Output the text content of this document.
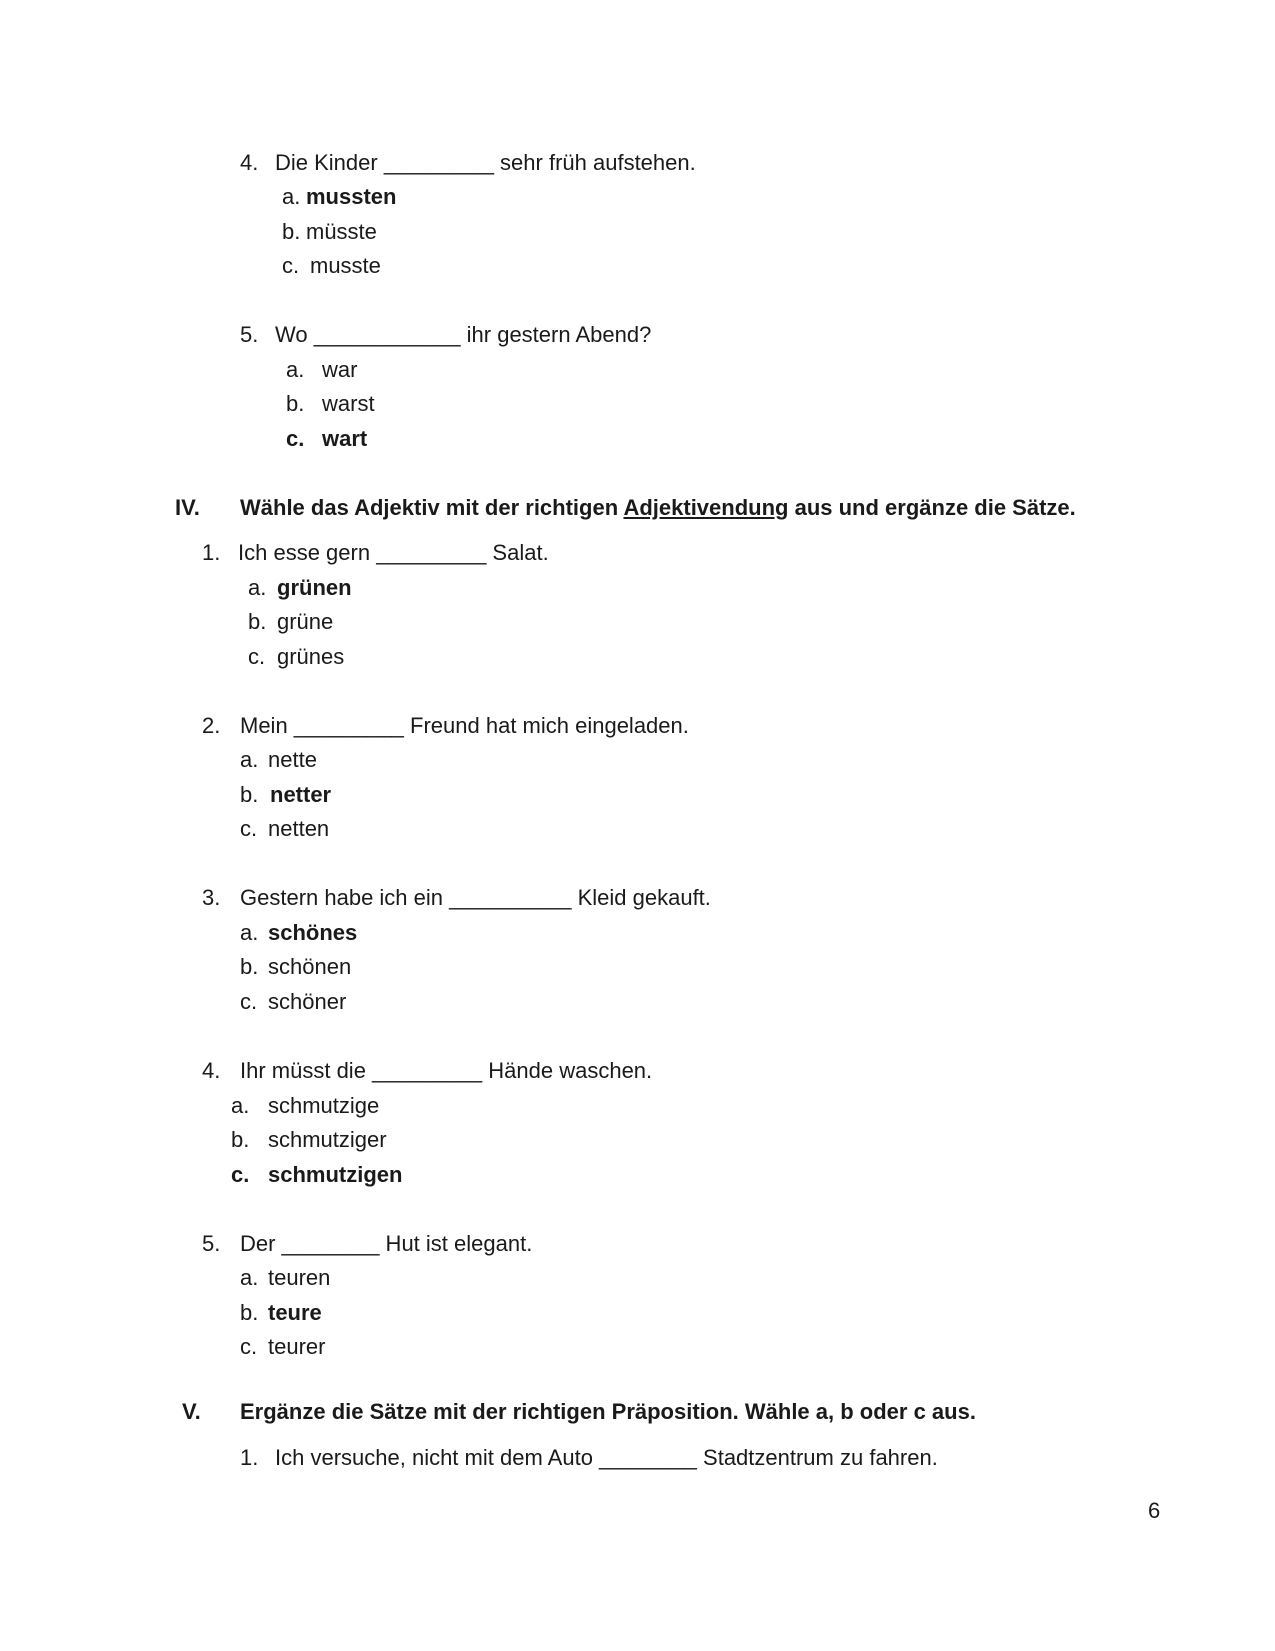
4. Die Kinder _________ sehr früh aufstehen.
a. mussten
b. müsste
c. musste
5. Wo ____________ ihr gestern Abend?
a. war
b. warst
c. wart
IV. Wähle das Adjektiv mit der richtigen Adjektivendung aus und ergänze die Sätze.
1. Ich esse gern _________ Salat.
a. grünen
b. grüne
c. grünes
2. Mein _________ Freund hat mich eingeladen.
a. nette
b. netter
c. netten
3. Gestern habe ich ein __________ Kleid gekauft.
a. schönes
b. schönen
c. schöner
4. Ihr müsst die _________ Hände waschen.
a. schmutzige
b. schmutziger
c. schmutzigen
5. Der ________ Hut ist elegant.
a. teuren
b. teure
c. teurer
V. Ergänze die Sätze mit der richtigen Präposition. Wähle a, b oder c aus.
1. Ich versuche, nicht mit dem Auto ________ Stadtzentrum zu fahren.
6
